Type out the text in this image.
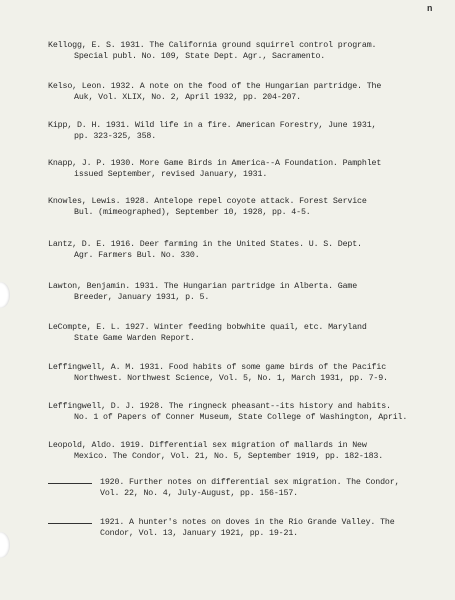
n
Kellogg, E. S. 1931. The California ground squirrel control program.
Special publ. No. 109, State Dept. Agr., Sacramento.
Kelso, Leon. 1932. A note on the food of the Hungarian partridge. The
Auk, Vol. XLIX, No. 2, April 1932, pp. 204-207.
Kipp, D. H. 1931. Wild life in a fire. American Forestry, June 1931,
pp. 323-325, 358.
Knapp, J. P. 1930. More Game Birds in America--A Foundation. Pamphlet
issued September, revised January, 1931.
Knowles, Lewis. 1928. Antelope repel coyote attack. Forest Service
Bul. (mimeographed), September 10, 1928, pp. 4-5.
Lantz, D. E. 1916. Deer farming in the United States. U. S. Dept.
Agr. Farmers Bul. No. 330.
Lawton, Benjamin. 1931. The Hungarian partridge in Alberta. Game
Breeder, January 1931, p. 5.
LeCompte, E. L. 1927. Winter feeding bobwhite quail, etc. Maryland
State Game Warden Report.
Leffingwell, A. M. 1931. Food habits of some game birds of the Pacific
Northwest. Northwest Science, Vol. 5, No. 1, March 1931, pp. 7-9.
Leffingwell, D. J. 1928. The ringneck pheasant--its history and habits.
No. 1 of Papers of Conner Museum, State College of Washington, April.
Leopold, Aldo. 1919. Differential sex migration of mallards in New
Mexico. The Condor, Vol. 21, No. 5, September 1919, pp. 182-183.
1920. Further notes on differential sex migration. The Condor,
Vol. 22, No. 4, July-August, pp. 156-157.
1921. A hunter's notes on doves in the Rio Grande Valley. The
Condor, Vol. 13, January 1921, pp. 19-21.
